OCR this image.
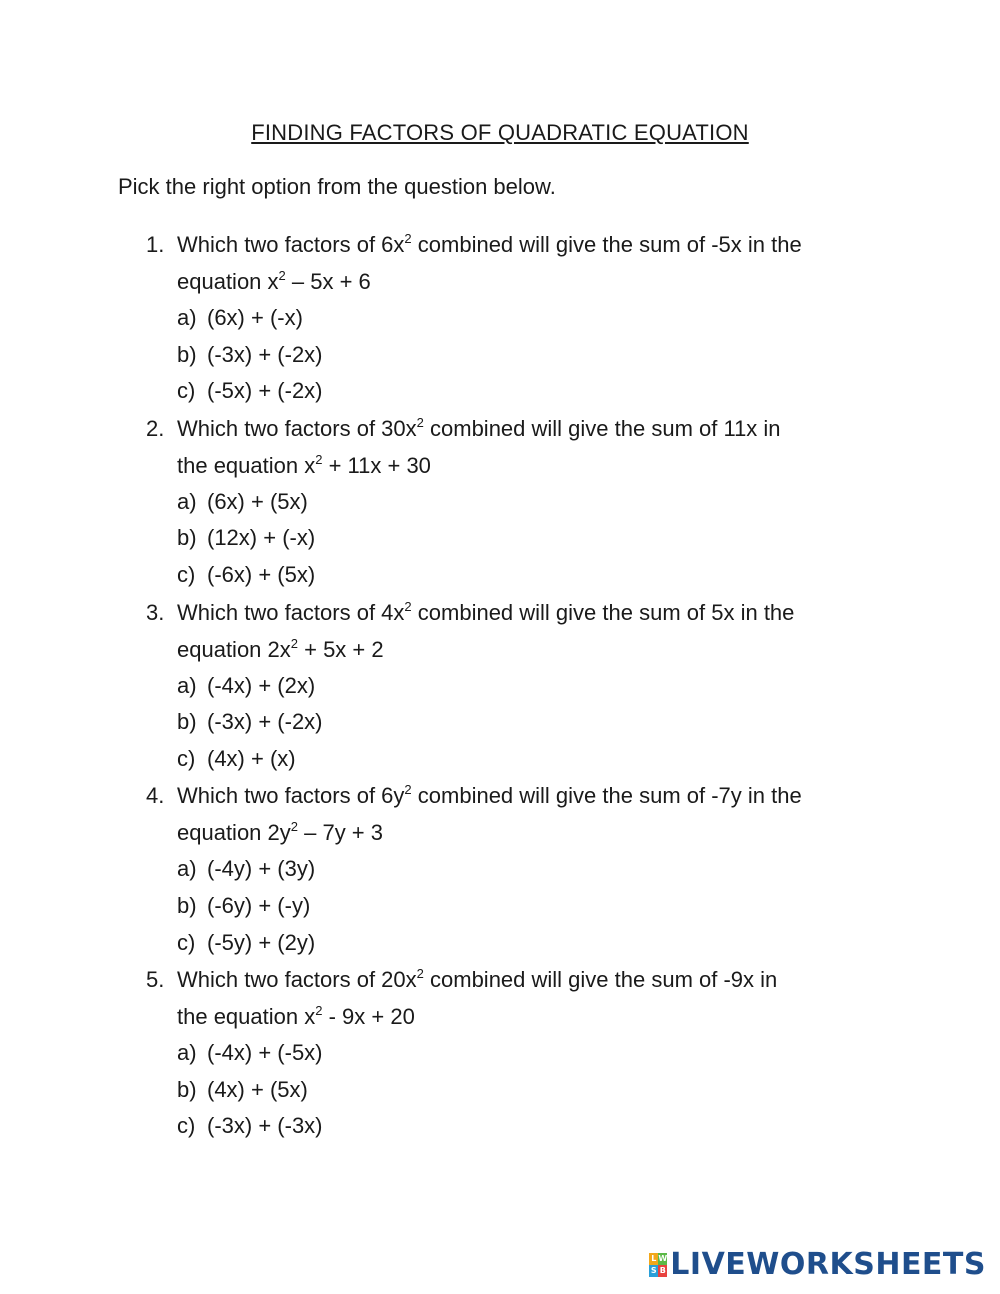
FINDING FACTORS OF QUADRATIC EQUATION
Pick the right option from the question below.
1. Which two factors of $6x^2$ combined will give the sum of -5x in the
equation $x^2 - 5x + 6$
a) (6x) + (-x)
b) (-3x) + (-2x)
c) (-5x) + (-2x)
2. Which two factors of $30x^2$ combined will give the sum of 11x in
the equation $x^2 + 11x + 30$
a) (6x) + (5x)
b) (12x) + (-x)
c) (-6x) + (5x)
3. Which two factors of $4x^2$ combined will give the sum of 5x in the
equation $2x^2 + 5x + 2$
a) (-4x) + (2x)
b) (-3x) + (-2x)
c) (4x) + (x)
4. Which two factors of $6y^2$ combined will give the sum of -7y in the
equation $2y^2 - 7y + 3$
a) (-4y) + (3y)
b) (-6y) + (-y)
c) (-5y) + (2y)
5. Which two factors of $20x^2$ combined will give the sum of -9x in
the equation $x^2 - 9x + 20$
a) (-4x) + (-5x)
b) (4x) + (5x)
c) (-3x) + (-3x)
L W
S B LIVEWORKSHEETS
